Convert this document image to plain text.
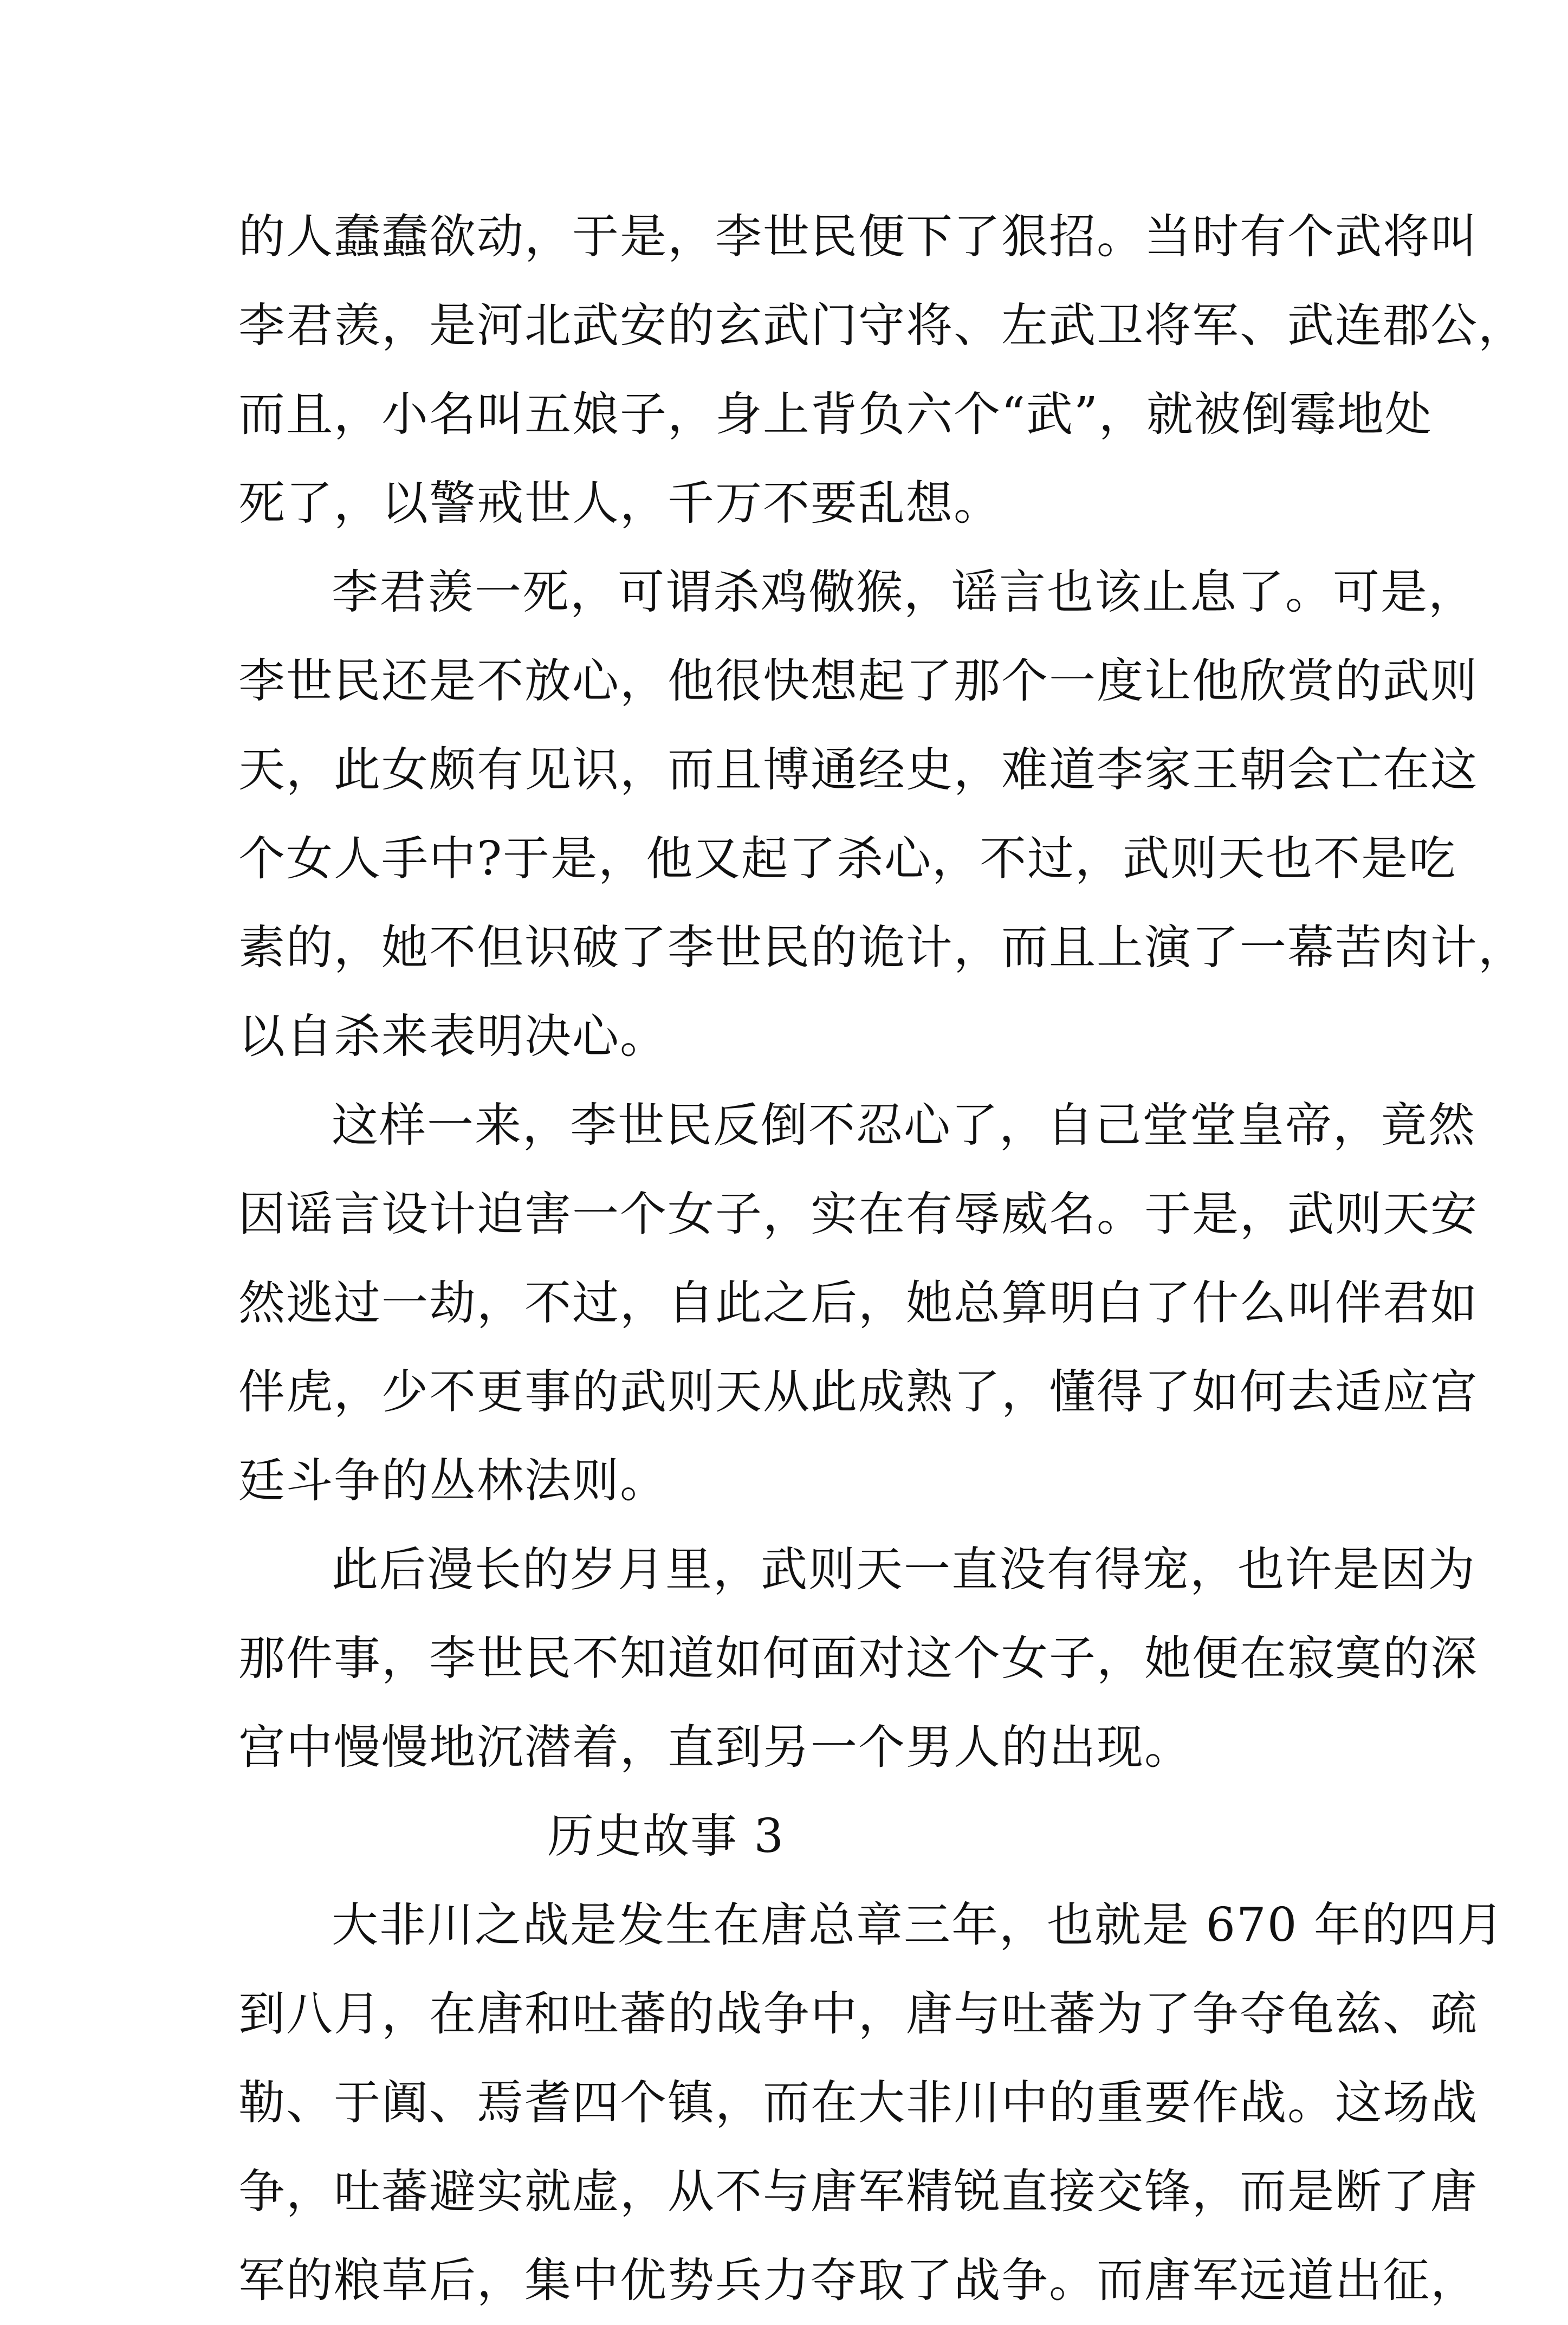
的人蠢蠢欲动，于是，李世民便下了狠招。当时有个武将叫
李君羡，是河北武安的玄武门守将、左武卫将军、武连郡公，
而且，小名叫五娘子，身上背负六个“武”，就被倒霉地处
死了，以警戒世人，千万不要乱想。
李君羡一死，可谓杀鸡儆猴，谣言也该止息了。可是，
李世民还是不放心，他很快想起了那个一度让他欣赏的武则
天，此女颇有见识，而且博通经史，难道李家王朝会亡在这
个女人手中?于是，他又起了杀心，不过，武则天也不是吃
素的，她不但识破了李世民的诡计，而且上演了一幕苦肉计，
以自杀来表明决心。
这样一来，李世民反倒不忍心了，自己堂堂皇帝，竟然
因谣言设计迫害一个女子，实在有辱威名。于是，武则天安
然逃过一劫，不过，自此之后，她总算明白了什么叫伴君如
伴虎，少不更事的武则天从此成熟了，懂得了如何去适应宫
廷斗争的丛林法则。
此后漫长的岁月里，武则天一直没有得宠，也许是因为
那件事，李世民不知道如何面对这个女子，她便在寂寞的深
宫中慢慢地沉潜着，直到另一个男人的出现。
历史故事 3
大非川之战是发生在唐总章三年，也就是 670 年的四月
到八月，在唐和吐蕃的战争中，唐与吐蕃为了争夺龟兹、疏
勒、于阗、焉耆四个镇，而在大非川中的重要作战。这场战
争，吐蕃避实就虚，从不与唐军精锐直接交锋，而是断了唐
军的粮草后，集中优势兵力夺取了战争。而唐军远道出征，
